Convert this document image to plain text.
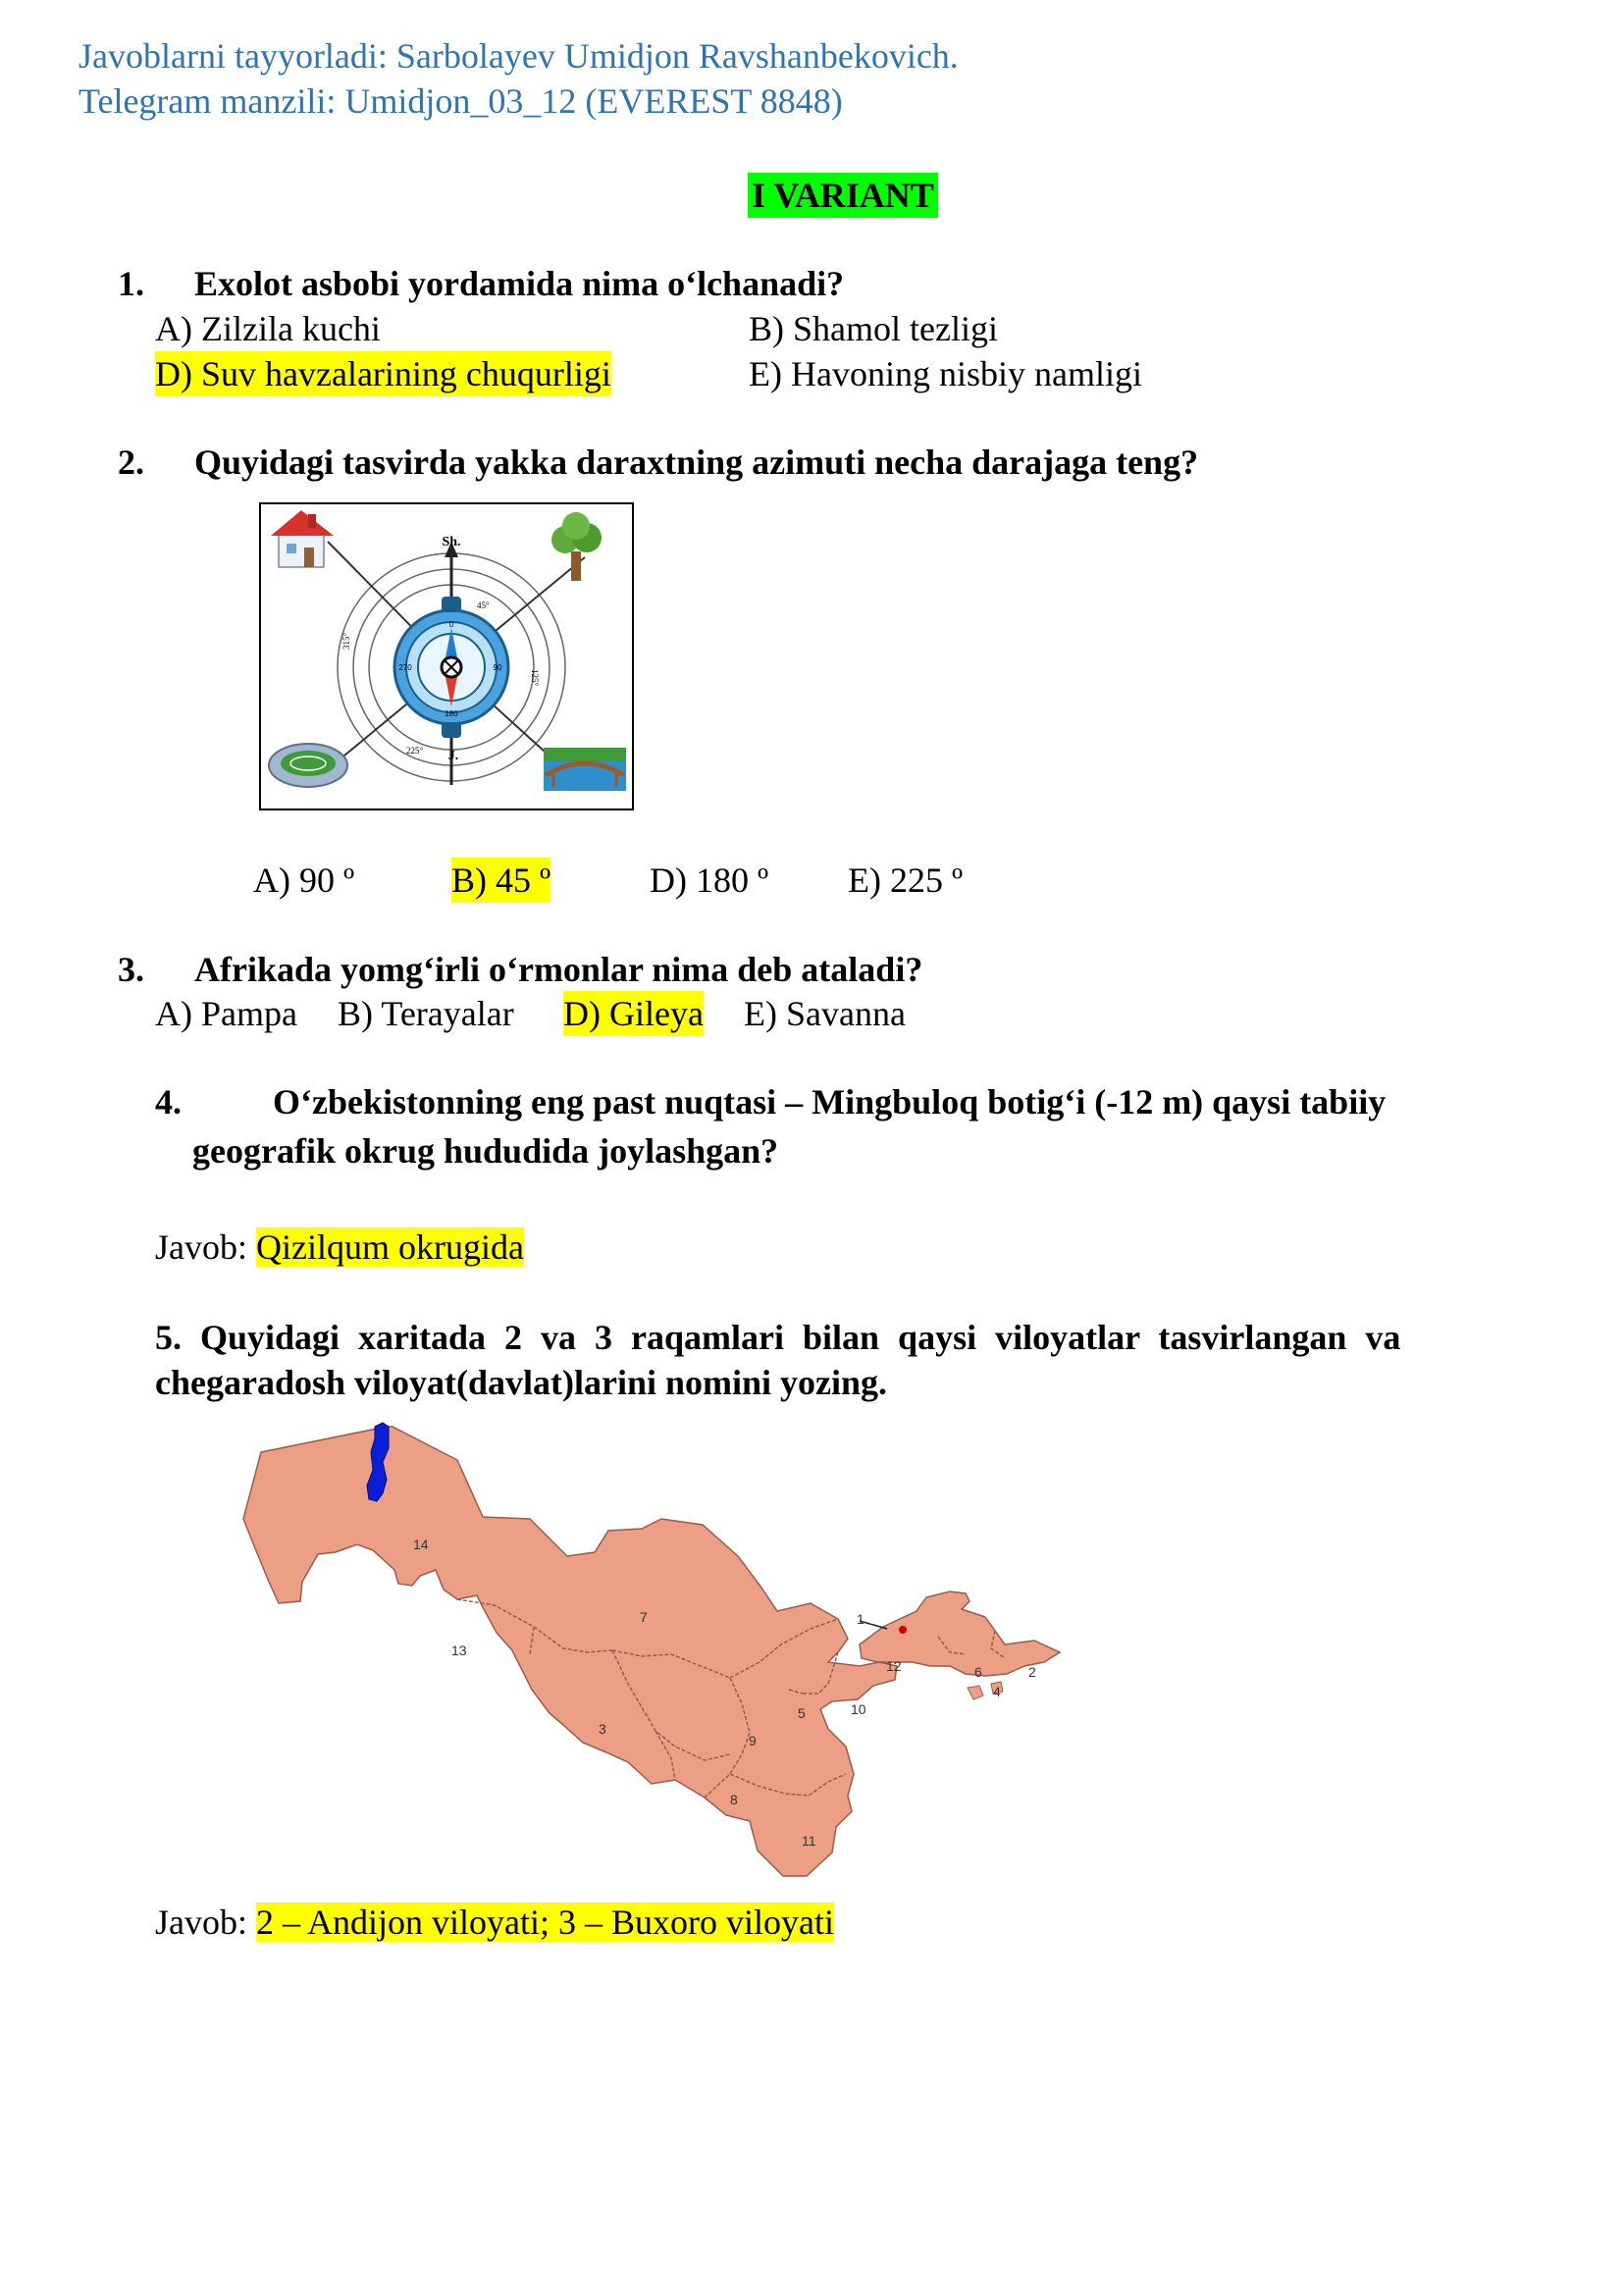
Javoblarni tayyorladi: Sarbolayev Umidjon Ravshanbekovich.
Telegram manzili: Umidjon_03_12 (EVEREST 8848)
I VARIANT
1. Exolot asbobi yordamida nima o‘lchanadi?
A) Zilzila kuchi	B) Shamol tezligi
D) Suv havzalarining chuqurligi	E) Havoning nisbiy namligi
2. Quyidagi tasvirda yakka daraxtning azimuti necha darajaga teng?
Sh.
J.
45°
125°
225°
315°
0
180
270	90
A) 90 º	B) 45 º	D) 180 º E) 225 º
3. Afrikada yomg‘irli o‘rmonlar nima deb ataladi?
A) Pampa B) Terayalar D) Gileya E) Savanna
4.	O‘zbekistonning eng past nuqtasi – Mingbuloq botig‘i (-12 m) qaysi tabiiy
geografik okrug hududida joylashgan?
Javob: Qizilqum okrugida
5. Quyidagi xaritada 2 va 3 raqamlari bilan qaysi viloyatlar tasvirlangan va
chegaradosh viloyat(davlat)larini nomini yozing.
1
2
3
4
5
6
7
8
9
10
11
12
13
14
Javob: 2 – Andijon viloyati; 3 – Buxoro viloyati
